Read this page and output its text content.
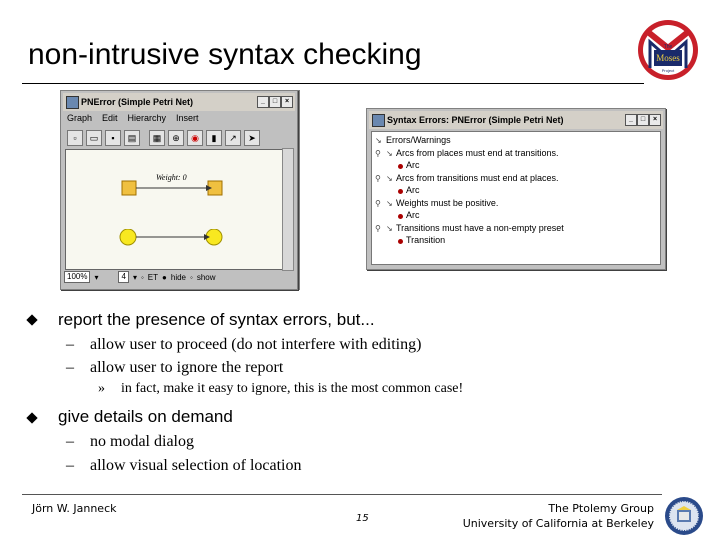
non-intrusive syntax checking	The
Moses
Project
PNError (Simple Petri Net)	_	□	×
Graph Edit Hierarchy Insert
▫	▭	▪	▤	▦	⊕	◉	▮	↗	➤
Weight: 0
100% ▾	4 ▾ ◦ ET ● hide ◦ show
Syntax Errors: PNError (Simple Petri Net)	_	□	×
↘ Errors/Warnings
⚲ ↘ Arcs from places must end at transitions.
Arc
⚲ ↘ Arcs from transitions must end at places.
Arc
⚲ ↘ Weights must be positive.
Arc
⚲ ↘ Transitions must have a non-empty preset
Transition
report the presence of syntax errors, but...
– allow user to proceed (do not interfere with editing)
– allow user to ignore the report
» in fact, make it easy to ignore, this is the most common case!
give details on demand
– no modal dialog
– allow visual selection of location
Jörn W. Janneck
15
The Ptolemy Group
University of California at Berkeley
